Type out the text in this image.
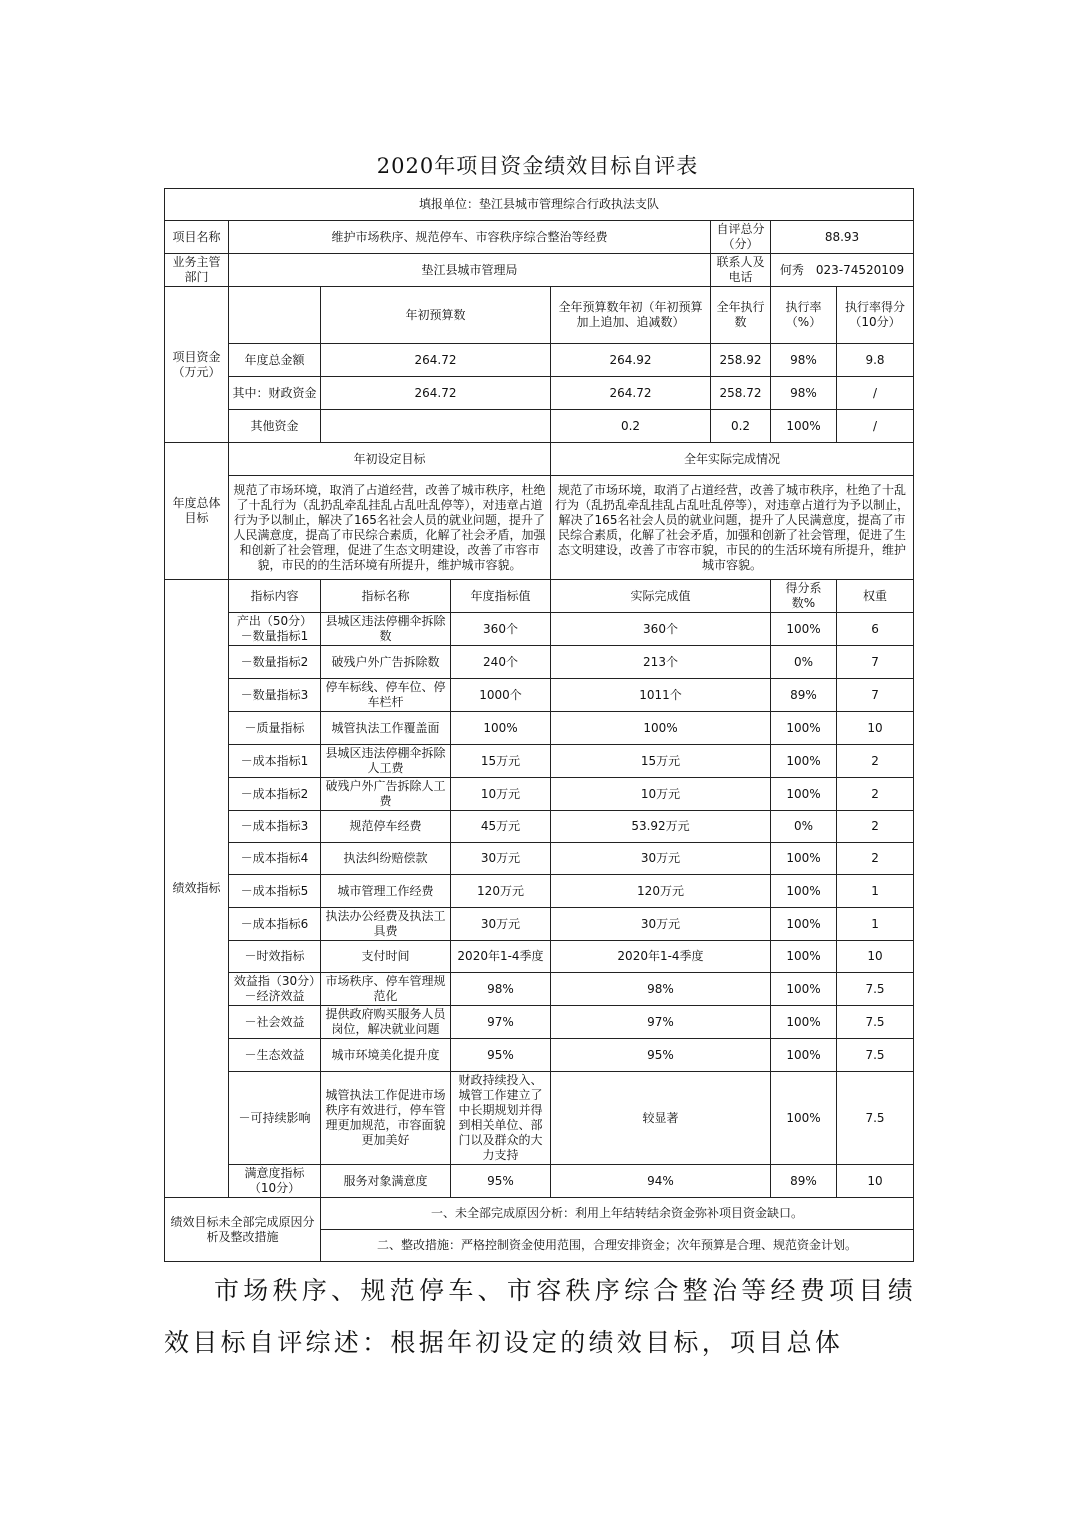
2020年项目资金绩效目标自评表
填报单位：垫江县城市管理综合行政执法支队								
项目名称	维护市场秩序、规范停车、市容秩序综合整治等经费				自评总分（分）	88.93		
业务主管部门	垫江县城市管理局				联系人及电话	何秀　023-74520109		
项目资金（万元）		年初预算数		全年预算数年初（年初预算加上追加、追减数）	全年执行数	执行率（%）	执行率得分（10分）	
	年度总金额	264.72		264.92	258.92	98%	9.8	
	其中：财政资金	264.72		264.72	258.72	98%	/	
	其他资金			0.2	0.2	100%	/	
年度总体目标	年初设定目标			全年实际完成情况				
	规范了市场环境，取消了占道经营，改善了城市秩序，杜绝了十乱行为（乱扔乱牵乱挂乱占乱吐乱停等），对违章占道行为予以制止，解决了165名社会人员的就业问题，提升了人民满意度，提高了市民综合素质，化解了社会矛盾，加强和创新了社会管理，促进了生态文明建设，改善了市容市貌，市民的的生活环境有所提升，维护城市容貌。			规范了市场环境，取消了占道经营，改善了城市秩序，杜绝了十乱行为（乱扔乱牵乱挂乱占乱吐乱停等），对违章占道行为予以制止，解决了165名社会人员的就业问题，提升了人民满意度，提高了市民综合素质，化解了社会矛盾，加强和创新了社会管理，促进了生态文明建设，改善了市容市貌，市民的的生活环境有所提升，维护城市容貌。				
绩效指标	指标内容	指标名称	年度指标值	实际完成值		得分系数%	权重	
	产出（50分）－数量指标1	县城区违法停棚伞拆除数	360个	360个		100%	6	
	－数量指标2	破残户外广告拆除数	240个	213个		0%	7	
	－数量指标3	停车标线、停车位、停车栏杆	1000个	1011个		89%	7	
	－质量指标	城管执法工作覆盖面	100%	100%		100%	10	
	－成本指标1	县城区违法停棚伞拆除人工费	15万元	15万元		100%	2	
	－成本指标2	破残户外广告拆除人工费	10万元	10万元		100%	2	
	－成本指标3	规范停车经费	45万元	53.92万元		0%	2	
	－成本指标4	执法纠纷赔偿款	30万元	30万元		100%	2	
	－成本指标5	城市管理工作经费	120万元	120万元		100%	1	
	－成本指标6	执法办公经费及执法工具费	30万元	30万元		100%	1	
	－时效指标	支付时间	2020年1-4季度	2020年1-4季度		100%	10	
	效益指（30分）－经济效益	市场秩序、停车管理规范化	98%	98%		100%	7.5	
	－社会效益	提供政府购买服务人员岗位，解决就业问题	97%	97%		100%	7.5	
	－生态效益	城市环境美化提升度	95%	95%		100%	7.5	
	－可持续影响	城管执法工作促进市场秩序有效进行，停车管理更加规范，市容面貌更加美好	财政持续投入、城管工作建立了中长期规划并得到相关单位、部门以及群众的大力支持	较显著		100%	7.5	
	满意度指标（10分）	服务对象满意度	95%	94%		89%	10	
绩效目标未全部完成原因分析及整改措施		一、未全部完成原因分析：利用上年结转结余资金弥补项目资金缺口。						
		二、整改措施：严格控制资金使用范围，合理安排资金；次年预算是合理、规范资金计划。						

市场秩序、规范停车、市容秩序综合整治等经费项目绩效目标自评综述：根据年初设定的绩效目标，项目总体
